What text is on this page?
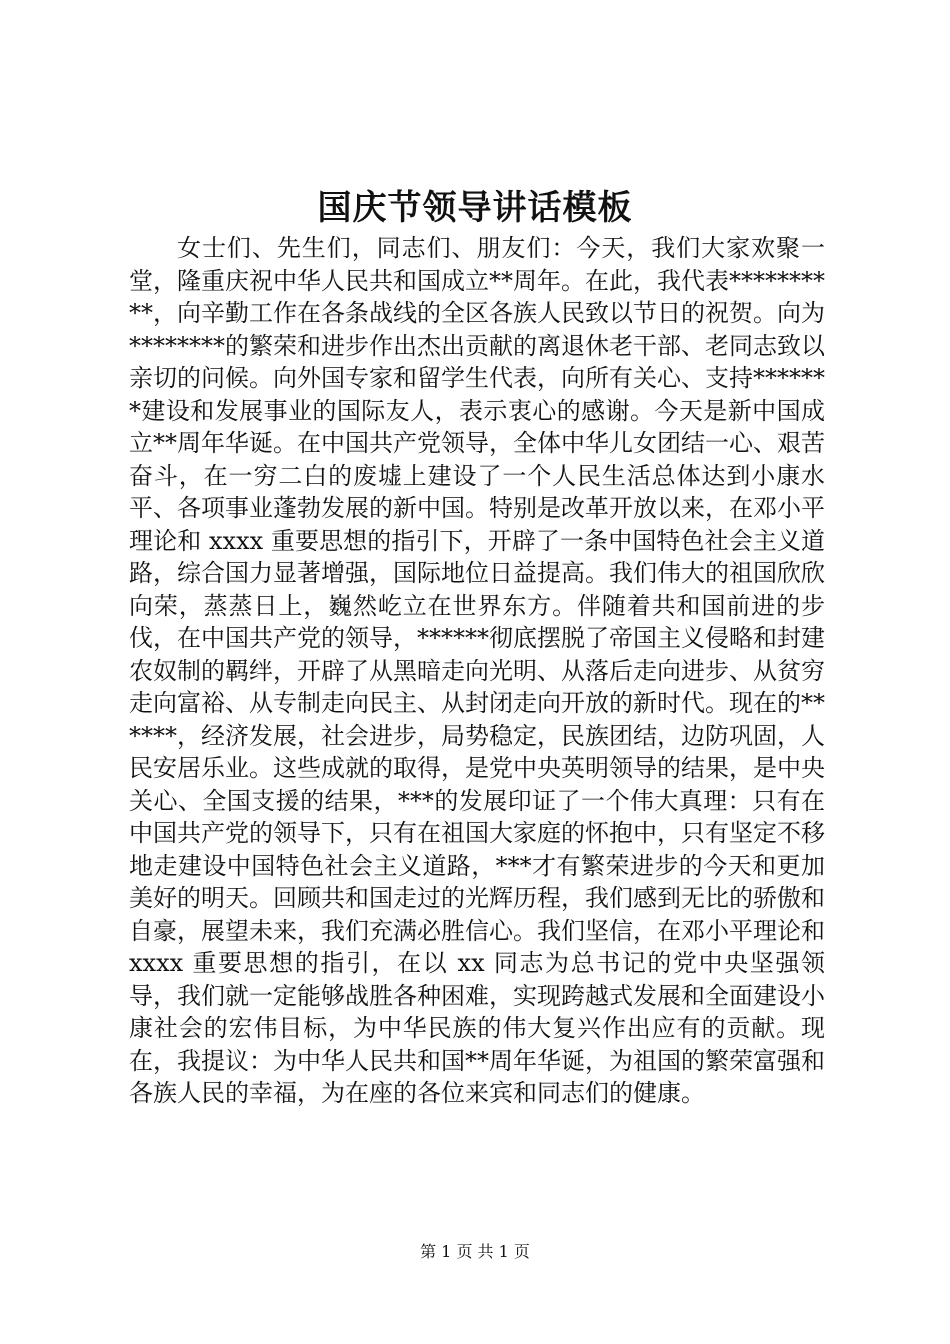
国庆节领导讲话模板

女士们、先生们，同志们、朋友们：今天，我们大家欢聚一堂，隆重庆祝中华人民共和国成立**周年。在此，我代表**********，向辛勤工作在各条战线的全区各族人民致以节日的祝贺。向为********的繁荣和进步作出杰出贡献的离退休老干部、老同志致以亲切的问候。向外国专家和留学生代表，向所有关心、支持*******建设和发展事业的国际友人，表示衷心的感谢。今天是新中国成立**周年华诞。在中国共产党领导，全体中华儿女团结一心、艰苦奋斗，在一穷二白的废墟上建设了一个人民生活总体达到小康水平、各项事业蓬勃发展的新中国。特别是改革开放以来，在邓小平理论和 xxxx 重要思想的指引下，开辟了一条中国特色社会主义道路，综合国力显著增强，国际地位日益提高。我们伟大的祖国欣欣向荣，蒸蒸日上，巍然屹立在世界东方。伴随着共和国前进的步伐，在中国共产党的领导，******彻底摆脱了帝国主义侵略和封建农奴制的羁绊，开辟了从黑暗走向光明、从落后走向进步、从贫穷走向富裕、从专制走向民主、从封闭走向开放的新时代。现在的******，经济发展，社会进步，局势稳定，民族团结，边防巩固，人民安居乐业。这些成就的取得，是党中央英明领导的结果，是中央关心、全国支援的结果，***的发展印证了一个伟大真理：只有在中国共产党的领导下，只有在祖国大家庭的怀抱中，只有坚定不移地走建设中国特色社会主义道路，***才有繁荣进步的今天和更加美好的明天。回顾共和国走过的光辉历程，我们感到无比的骄傲和自豪，展望未来，我们充满必胜信心。我们坚信，在邓小平理论和 xxxx 重要思想的指引，在以 xx 同志为总书记的党中央坚强领导，我们就一定能够战胜各种困难，实现跨越式发展和全面建设小康社会的宏伟目标，为中华民族的伟大复兴作出应有的贡献。现在，我提议：为中华人民共和国**周年华诞，为祖国的繁荣富强和各族人民的幸福，为在座的各位来宾和同志们的健康。

第 1 页 共 1 页
